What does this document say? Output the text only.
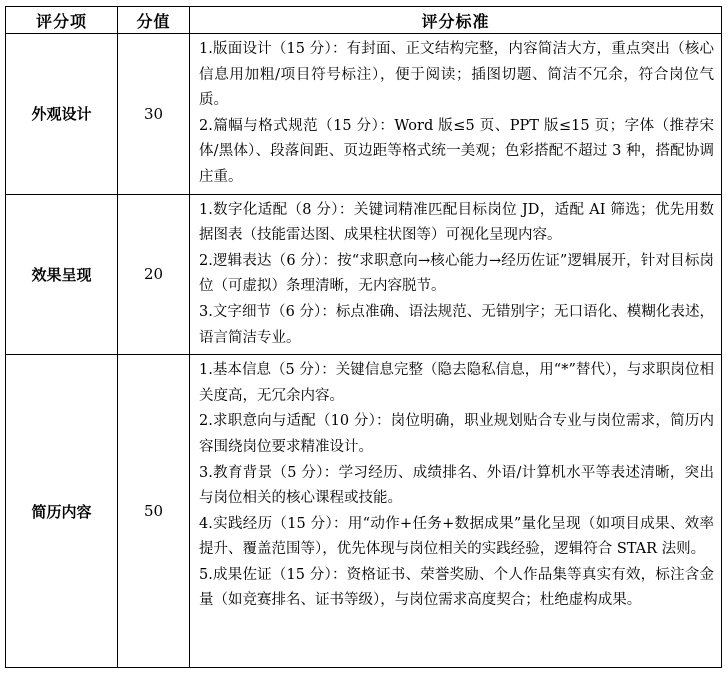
评分项	分值	评分标准
外观设计	30	1.版面设计（15 分）：有封面、正文结构完整，内容简洁大方，重点突出（核心信息用加粗/项目符号标注），便于阅读；插图切题、简洁不冗余，符合岗位气质。
2.篇幅与格式规范（15 分）：Word 版≤5 页、PPT 版≤15 页；字体（推荐宋体/黑体）、段落间距、页边距等格式统一美观；色彩搭配不超过 3 种，搭配协调庄重。

效果呈现	20	1.数字化适配（8 分）：关键词精准匹配目标岗位 JD，适配 AI 筛选；优先用数据图表（技能雷达图、成果柱状图等）可视化呈现内容。
2.逻辑表达（6 分）：按“求职意向→核心能力→经历佐证”逻辑展开，针对目标岗位（可虚拟）条理清晰，无内容脱节。
3.文字细节（6 分）：标点准确、语法规范、无错别字；无口语化、模糊化表述，语言简洁专业。

简历内容	50	1.基本信息（5 分）：关键信息完整（隐去隐私信息，用“*”替代），与求职岗位相关度高，无冗余内容。
2.求职意向与适配（10 分）：岗位明确，职业规划贴合专业与岗位需求，简历内容围绕岗位要求精准设计。
3.教育背景（5 分）：学习经历、成绩排名、外语/计算机水平等表述清晰，突出与岗位相关的核心课程或技能。
4.实践经历（15 分）：用“动作+任务+数据成果”量化呈现（如项目成果、效率提升、覆盖范围等），优先体现与岗位相关的实践经验，逻辑符合 STAR 法则。
5.成果佐证（15 分）：资格证书、荣誉奖励、个人作品集等真实有效，标注含金量（如竞赛排名、证书等级），与岗位需求高度契合；杜绝虚构成果。
